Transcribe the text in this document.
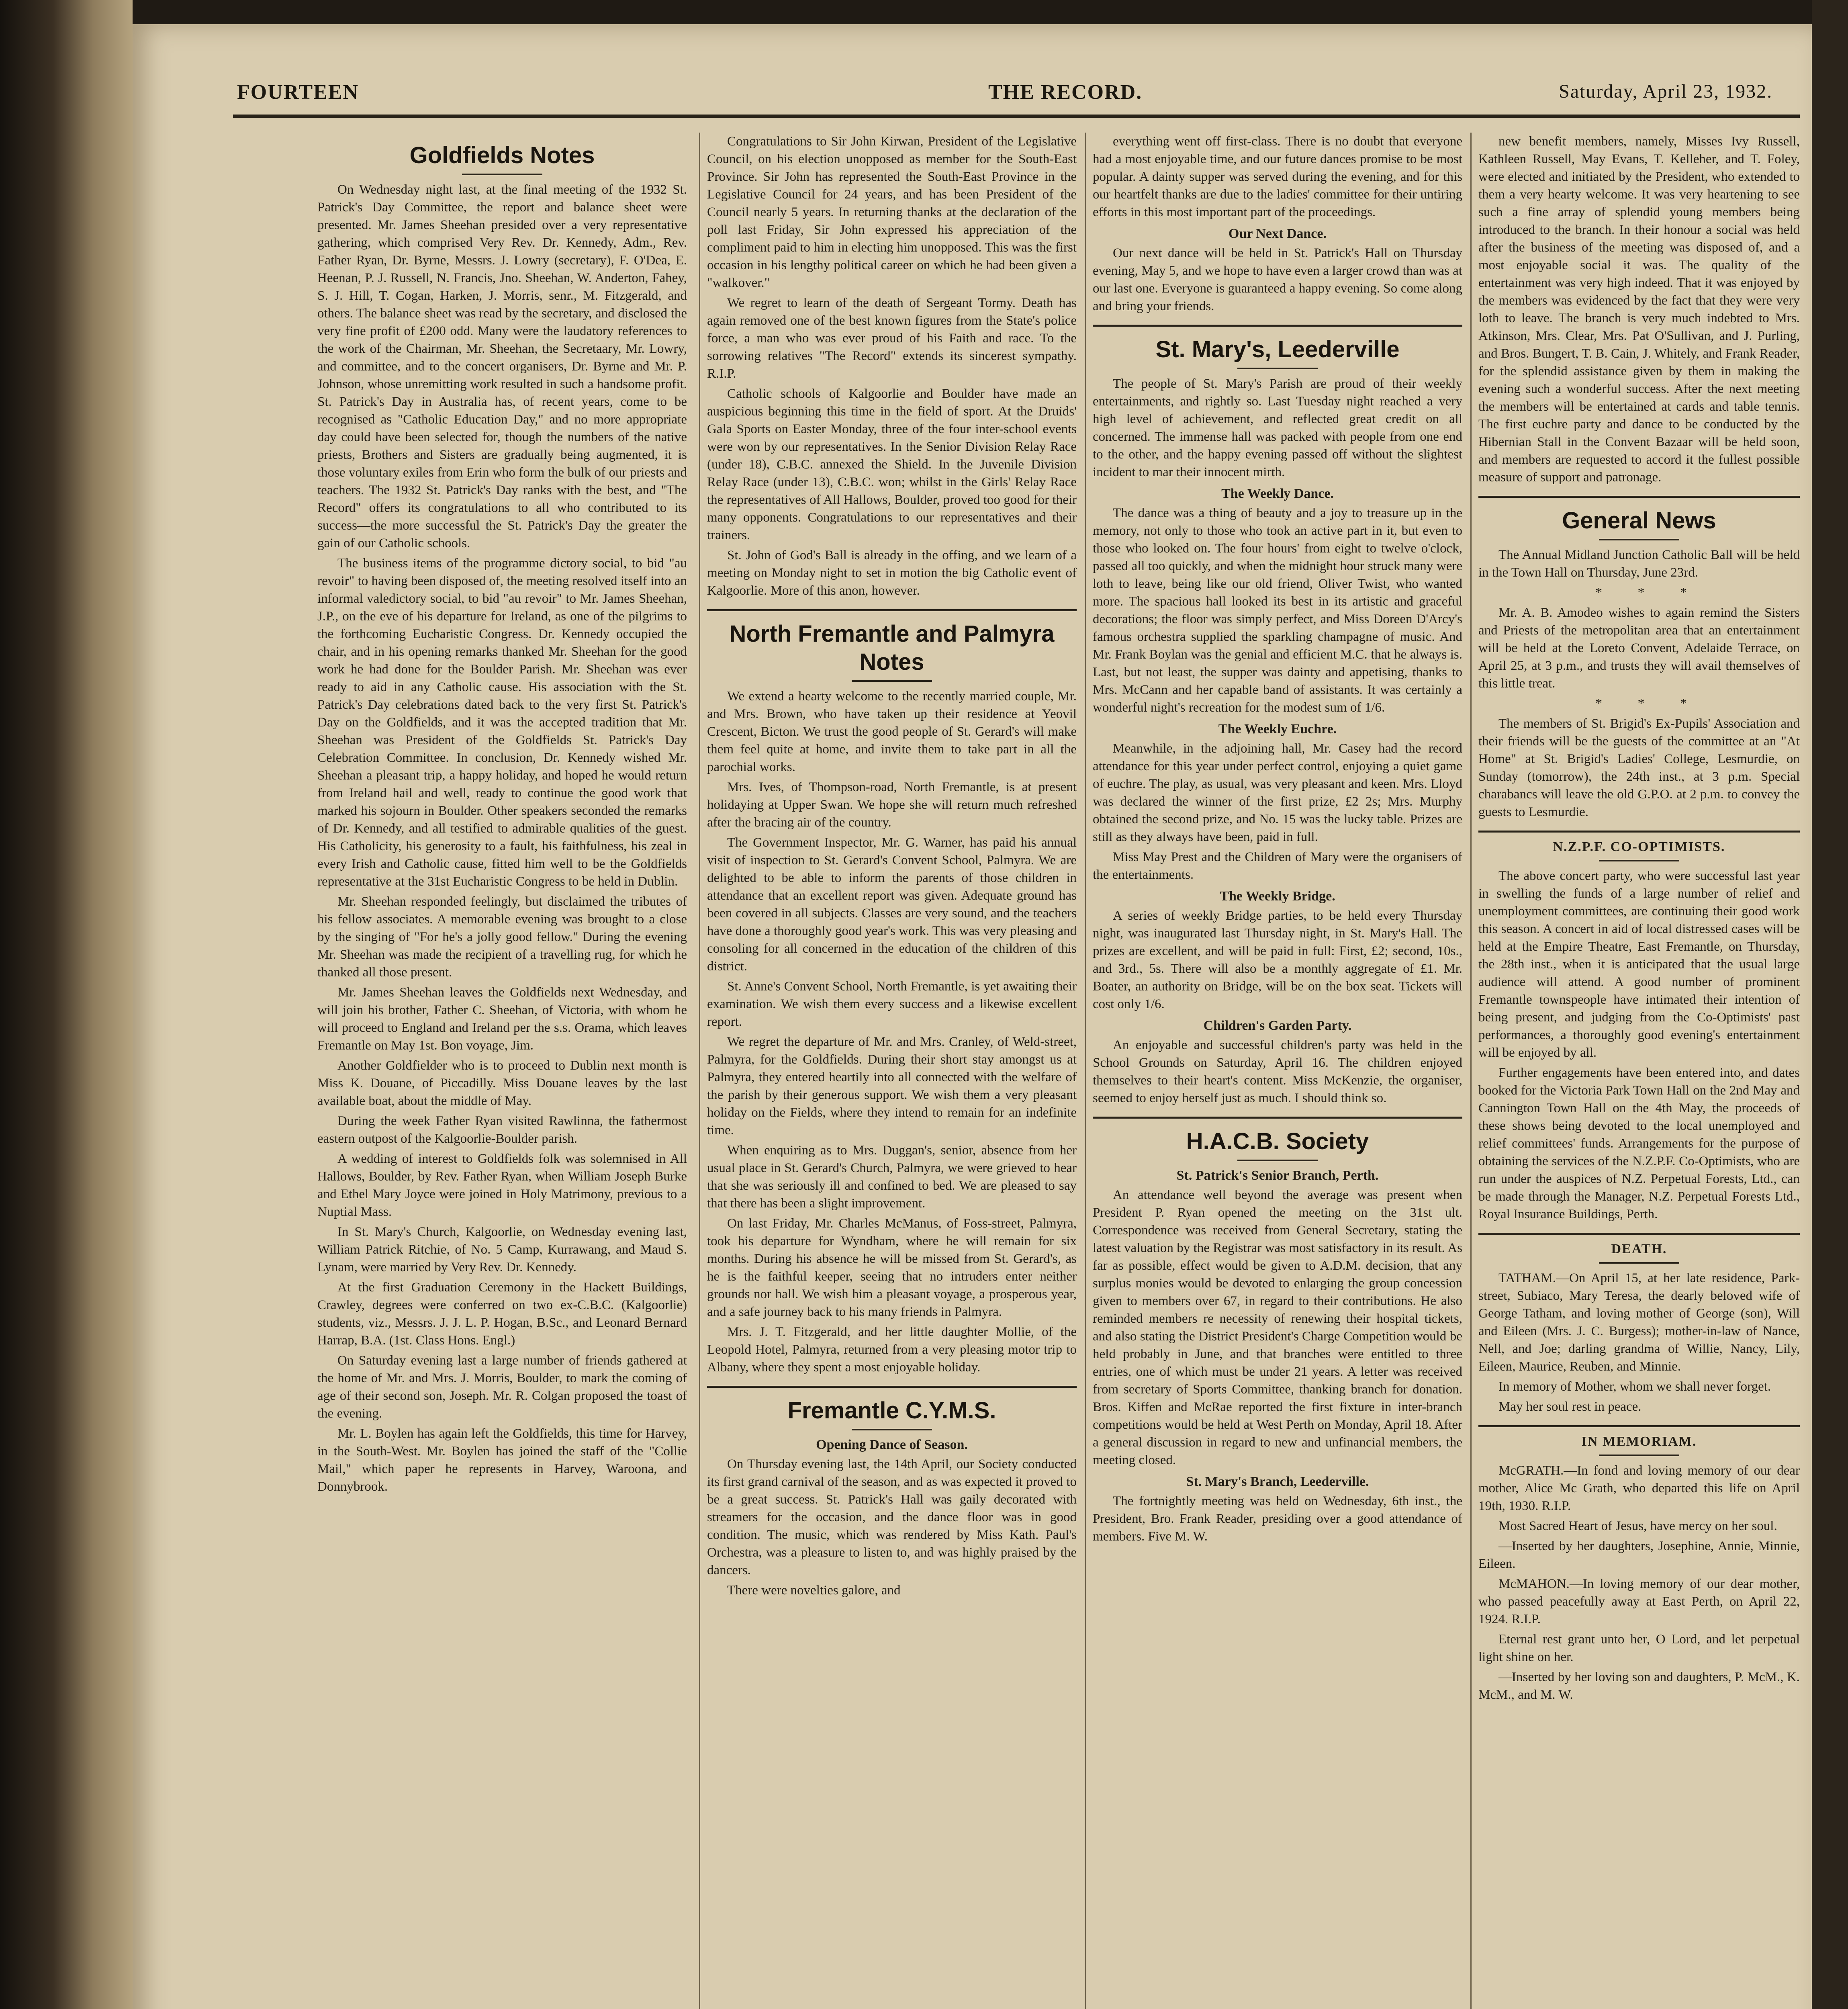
FOURTEEN	THE RECORD.	Saturday, April 23, 1932.
Goldfields Notes

On Wednesday night last, at the final meeting of the 1932 St. Patrick's Day Committee, the report and balance sheet were presented. Mr. James Sheehan presided over a very representative gathering, which comprised Very Rev. Dr. Kennedy, Adm., Rev. Father Ryan, Dr. Byrne, Messrs. J. Lowry (secretary), F. O'Dea, E. Heenan, P. J. Russell, N. Francis, Jno. Sheehan, W. Anderton, Fahey, S. J. Hill, T. Cogan, Harken, J. Morris, senr., M. Fitzgerald, and others. The balance sheet was read by the secretary, and disclosed the very fine profit of £200 odd. Many were the laudatory references to the work of the Chairman, Mr. Sheehan, the Secretaary, Mr. Lowry, and committee, and to the concert organisers, Dr. Byrne and Mr. P. Johnson, whose unremitting work resulted in such a handsome profit. St. Patrick's Day in Australia has, of recent years, come to be recognised as "Catholic Education Day," and no more appropriate day could have been selected for, though the numbers of the native priests, Brothers and Sisters are gradually being augmented, it is those voluntary exiles from Erin who form the bulk of our priests and teachers. The 1932 St. Patrick's Day ranks with the best, and "The Record" offers its congratulations to all who contributed to its success—the more successful the St. Patrick's Day the greater the gain of our Catholic schools.

The business items of the programme dictory social, to bid "au revoir" to having been disposed of, the meeting resolved itself into an informal valedictory social, to bid "au revoir" to Mr. James Sheehan, J.P., on the eve of his departure for Ireland, as one of the pilgrims to the forthcoming Eucharistic Congress. Dr. Kennedy occupied the chair, and in his opening remarks thanked Mr. Sheehan for the good work he had done for the Boulder Parish. Mr. Sheehan was ever ready to aid in any Catholic cause. His association with the St. Patrick's Day celebrations dated back to the very first St. Patrick's Day on the Goldfields, and it was the accepted tradition that Mr. Sheehan was President of the Goldfields St. Patrick's Day Celebration Committee. In conclusion, Dr. Kennedy wished Mr. Sheehan a pleasant trip, a happy holiday, and hoped he would return from Ireland hail and well, ready to continue the good work that marked his sojourn in Boulder. Other speakers seconded the remarks of Dr. Kennedy, and all testified to admirable qualities of the guest. His Catholicity, his generosity to a fault, his faithfulness, his zeal in every Irish and Catholic cause, fitted him well to be the Goldfields representative at the 31st Eucharistic Congress to be held in Dublin.

Mr. Sheehan responded feelingly, but disclaimed the tributes of his fellow associates. A memorable evening was brought to a close by the singing of "For he's a jolly good fellow." During the evening Mr. Sheehan was made the recipient of a travelling rug, for which he thanked all those present.

Mr. James Sheehan leaves the Goldfields next Wednesday, and will join his brother, Father C. Sheehan, of Victoria, with whom he will proceed to England and Ireland per the s.s. Orama, which leaves Fremantle on May 1st. Bon voyage, Jim.

Another Goldfielder who is to proceed to Dublin next month is Miss K. Douane, of Piccadilly. Miss Douane leaves by the last available boat, about the middle of May.

During the week Father Ryan visited Rawlinna, the fathermost eastern outpost of the Kalgoorlie-Boulder parish.

A wedding of interest to Goldfields folk was solemnised in All Hallows, Boulder, by Rev. Father Ryan, when William Joseph Burke and Ethel Mary Joyce were joined in Holy Matrimony, previous to a Nuptial Mass.

In St. Mary's Church, Kalgoorlie, on Wednesday evening last, William Patrick Ritchie, of No. 5 Camp, Kurrawang, and Maud S. Lynam, were married by Very Rev. Dr. Kennedy.

At the first Graduation Ceremony in the Hackett Buildings, Crawley, degrees were conferred on two ex-C.B.C. (Kalgoorlie) students, viz., Messrs. J. J. L. P. Hogan, B.Sc., and Leonard Bernard Harrap, B.A. (1st. Class Hons. Engl.)

On Saturday evening last a large number of friends gathered at the home of Mr. and Mrs. J. Morris, Boulder, to mark the coming of age of their second son, Joseph. Mr. R. Colgan proposed the toast of the evening.

Mr. L. Boylen has again left the Goldfields, this time for Harvey, in the South-West. Mr. Boylen has joined the staff of the "Collie Mail," which paper he represents in Harvey, Waroona, and Donnybrook.

Congratulations to Sir John Kirwan, President of the Legislative Council, on his election unopposed as member for the South-East Province. Sir John has represented the South-East Province in the Legislative Council for 24 years, and has been President of the Council nearly 5 years. In returning thanks at the declaration of the poll last Friday, Sir John expressed his appreciation of the compliment paid to him in electing him unopposed. This was the first occasion in his lengthy political career on which he had been given a "walkover."

We regret to learn of the death of Sergeant Tormy. Death has again removed one of the best known figures from the State's police force, a man who was ever proud of his Faith and race. To the sorrowing relatives "The Record" extends its sincerest sympathy. R.I.P.

Catholic schools of Kalgoorlie and Boulder have made an auspicious beginning this time in the field of sport. At the Druids' Gala Sports on Easter Monday, three of the four inter-school events were won by our representatives. In the Senior Division Relay Race (under 18), C.B.C. annexed the Shield. In the Juvenile Division Relay Race (under 13), C.B.C. won; whilst in the Girls' Relay Race the representatives of All Hallows, Boulder, proved too good for their many opponents. Congratulations to our representatives and their trainers.

St. John of God's Ball is already in the offing, and we learn of a meeting on Monday night to set in motion the big Catholic event of Kalgoorlie. More of this anon, however.

North Fremantle and Palmyra Notes

We extend a hearty welcome to the recently married couple, Mr. and Mrs. Brown, who have taken up their residence at Yeovil Crescent, Bicton. We trust the good people of St. Gerard's will make them feel quite at home, and invite them to take part in all the parochial works.

Mrs. Ives, of Thompson-road, North Fremantle, is at present holidaying at Upper Swan. We hope she will return much refreshed after the bracing air of the country.

The Government Inspector, Mr. G. Warner, has paid his annual visit of inspection to St. Gerard's Convent School, Palmyra. We are delighted to be able to inform the parents of those children in attendance that an excellent report was given. Adequate ground has been covered in all subjects. Classes are very sound, and the teachers have done a thoroughly good year's work. This was very pleasing and consoling for all concerned in the education of the children of this district.

St. Anne's Convent School, North Fremantle, is yet awaiting their examination. We wish them every success and a likewise excellent report.

We regret the departure of Mr. and Mrs. Cranley, of Weld-street, Palmyra, for the Goldfields. During their short stay amongst us at Palmyra, they entered heartily into all connected with the welfare of the parish by their generous support. We wish them a very pleasant holiday on the Fields, where they intend to remain for an indefinite time.

When enquiring as to Mrs. Duggan's, senior, absence from her usual place in St. Gerard's Church, Palmyra, we were grieved to hear that she was seriously ill and confined to bed. We are pleased to say that there has been a slight improvement.

On last Friday, Mr. Charles McManus, of Foss-street, Palmyra, took his departure for Wyndham, where he will remain for six months. During his absence he will be missed from St. Gerard's, as he is the faithful keeper, seeing that no intruders enter neither grounds nor hall. We wish him a pleasant voyage, a prosperous year, and a safe journey back to his many friends in Palmyra.

Mrs. J. T. Fitzgerald, and her little daughter Mollie, of the Leopold Hotel, Palmyra, returned from a very pleasing motor trip to Albany, where they spent a most enjoyable holiday.

Fremantle C.Y.M.S.
Opening Dance of Season.

On Thursday evening last, the 14th April, our Society conducted its first grand carnival of the season, and as was expected it proved to be a great success. St. Patrick's Hall was gaily decorated with streamers for the occasion, and the dance floor was in good condition. The music, which was rendered by Miss Kath. Paul's Orchestra, was a pleasure to listen to, and was highly praised by the dancers.

There were novelties galore, and

everything went off first-class. There is no doubt that everyone had a most enjoyable time, and our future dances promise to be most popular. A dainty supper was served during the evening, and for this our heartfelt thanks are due to the ladies' committee for their untiring efforts in this most important part of the proceedings.

Our Next Dance.

Our next dance will be held in St. Patrick's Hall on Thursday evening, May 5, and we hope to have even a larger crowd than was at our last one. Everyone is guaranteed a happy evening. So come along and bring your friends.

St. Mary's, Leederville

The people of St. Mary's Parish are proud of their weekly entertainments, and rightly so. Last Tuesday night reached a very high level of achievement, and reflected great credit on all concerned. The immense hall was packed with people from one end to the other, and the happy evening passed off without the slightest incident to mar their innocent mirth.

The Weekly Dance.

The dance was a thing of beauty and a joy to treasure up in the memory, not only to those who took an active part in it, but even to those who looked on. The four hours' from eight to twelve o'clock, passed all too quickly, and when the midnight hour struck many were loth to leave, being like our old friend, Oliver Twist, who wanted more. The spacious hall looked its best in its artistic and graceful decorations; the floor was simply perfect, and Miss Doreen D'Arcy's famous orchestra supplied the sparkling champagne of music. And Mr. Frank Boylan was the genial and efficient M.C. that he always is. Last, but not least, the supper was dainty and appetising, thanks to Mrs. McCann and her capable band of assistants. It was certainly a wonderful night's recreation for the modest sum of 1/6.

The Weekly Euchre.

Meanwhile, in the adjoining hall, Mr. Casey had the record attendance for this year under perfect control, enjoying a quiet game of euchre. The play, as usual, was very pleasant and keen. Mrs. Lloyd was declared the winner of the first prize, £2 2s; Mrs. Murphy obtained the second prize, and No. 15 was the lucky table. Prizes are still as they always have been, paid in full.

Miss May Prest and the Children of Mary were the organisers of the entertainments.

The Weekly Bridge.

A series of weekly Bridge parties, to be held every Thursday night, was inaugurated last Thursday night, in St. Mary's Hall. The prizes are excellent, and will be paid in full: First, £2; second, 10s., and 3rd., 5s. There will also be a monthly aggregate of £1. Mr. Boater, an authority on Bridge, will be on the box seat. Tickets will cost only 1/6.

Children's Garden Party.

An enjoyable and successful children's party was held in the School Grounds on Saturday, April 16. The children enjoyed themselves to their heart's content. Miss McKenzie, the organiser, seemed to enjoy herself just as much. I should think so.

H.A.C.B. Society
St. Patrick's Senior Branch, Perth.

An attendance well beyond the average was present when President P. Ryan opened the meeting on the 31st ult. Correspondence was received from General Secretary, stating the latest valuation by the Registrar was most satisfactory in its result. As far as possible, effect would be given to A.D.M. decision, that any surplus monies would be devoted to enlarging the group concession given to members over 67, in regard to their contributions. He also reminded members re necessity of renewing their hospital tickets, and also stating the District President's Charge Competition would be held probably in June, and that branches were entitled to three entries, one of which must be under 21 years. A letter was received from secretary of Sports Committee, thanking branch for donation. Bros. Kiffen and McRae reported the first fixture in inter-branch competitions would be held at West Perth on Monday, April 18. After a general discussion in regard to new and unfinancial members, the meeting closed.

St. Mary's Branch, Leederville.

The fortnightly meeting was held on Wednesday, 6th inst., the President, Bro. Frank Reader, presiding over a good attendance of members. Five M. W.

new benefit members, namely, Misses Ivy Russell, Kathleen Russell, May Evans, T. Kelleher, and T. Foley, were elected and initiated by the President, who extended to them a very hearty welcome. It was very heartening to see such a fine array of splendid young members being introduced to the branch. In their honour a social was held after the business of the meeting was disposed of, and a most enjoyable social it was. The quality of the entertainment was very high indeed. That it was enjoyed by the members was evidenced by the fact that they were very loth to leave. The branch is very much indebted to Mrs. Atkinson, Mrs. Clear, Mrs. Pat O'Sullivan, and J. Purling, and Bros. Bungert, T. B. Cain, J. Whitely, and Frank Reader, for the splendid assistance given by them in making the evening such a wonderful success. After the next meeting the members will be entertained at cards and table tennis. The first euchre party and dance to be conducted by the Hibernian Stall in the Convent Bazaar will be held soon, and members are requested to accord it the fullest possible measure of support and patronage.

General News

The Annual Midland Junction Catholic Ball will be held in the Town Hall on Thursday, June 23rd.

* * *

Mr. A. B. Amodeo wishes to again remind the Sisters and Priests of the metropolitan area that an entertainment will be held at the Loreto Convent, Adelaide Terrace, on April 25, at 3 p.m., and trusts they will avail themselves of this little treat.

* * *

The members of St. Brigid's Ex-Pupils' Association and their friends will be the guests of the committee at an "At Home" at St. Brigid's Ladies' College, Lesmurdie, on Sunday (tomorrow), the 24th inst., at 3 p.m. Special charabancs will leave the old G.P.O. at 2 p.m. to convey the guests to Lesmurdie.

N.Z.P.F. CO-OPTIMISTS.

The above concert party, who were successful last year in swelling the funds of a large number of relief and unemployment committees, are continuing their good work this season. A concert in aid of local distressed cases will be held at the Empire Theatre, East Fremantle, on Thursday, the 28th inst., when it is anticipated that the usual large audience will attend. A good number of prominent Fremantle townspeople have intimated their intention of being present, and judging from the Co-Optimists' past performances, a thoroughly good evening's entertainment will be enjoyed by all.

Further engagements have been entered into, and dates booked for the Victoria Park Town Hall on the 2nd May and Cannington Town Hall on the 4th May, the proceeds of these shows being devoted to the local unemployed and relief committees' funds. Arrangements for the purpose of obtaining the services of the N.Z.P.F. Co-Optimists, who are run under the auspices of N.Z. Perpetual Forests, Ltd., can be made through the Manager, N.Z. Perpetual Forests Ltd., Royal Insurance Buildings, Perth.

DEATH.

TATHAM.—On April 15, at her late residence, Park-street, Subiaco, Mary Teresa, the dearly beloved wife of George Tatham, and loving mother of George (son), Will and Eileen (Mrs. J. C. Burgess); mother-in-law of Nance, Nell, and Joe; darling grandma of Willie, Nancy, Lily, Eileen, Maurice, Reuben, and Minnie.

In memory of Mother, whom we shall never forget.

May her soul rest in peace.

IN MEMORIAM.

McGRATH.—In fond and loving memory of our dear mother, Alice Mc Grath, who departed this life on April 19th, 1930. R.I.P.

Most Sacred Heart of Jesus, have mercy on her soul.

—Inserted by her daughters, Josephine, Annie, Minnie, Eileen.

McMAHON.—In loving memory of our dear mother, who passed peacefully away at East Perth, on April 22, 1924. R.I.P.

Eternal rest grant unto her, O Lord, and let perpetual light shine on her.

—Inserted by her loving son and daughters, P. McM., K. McM., and M. W.
